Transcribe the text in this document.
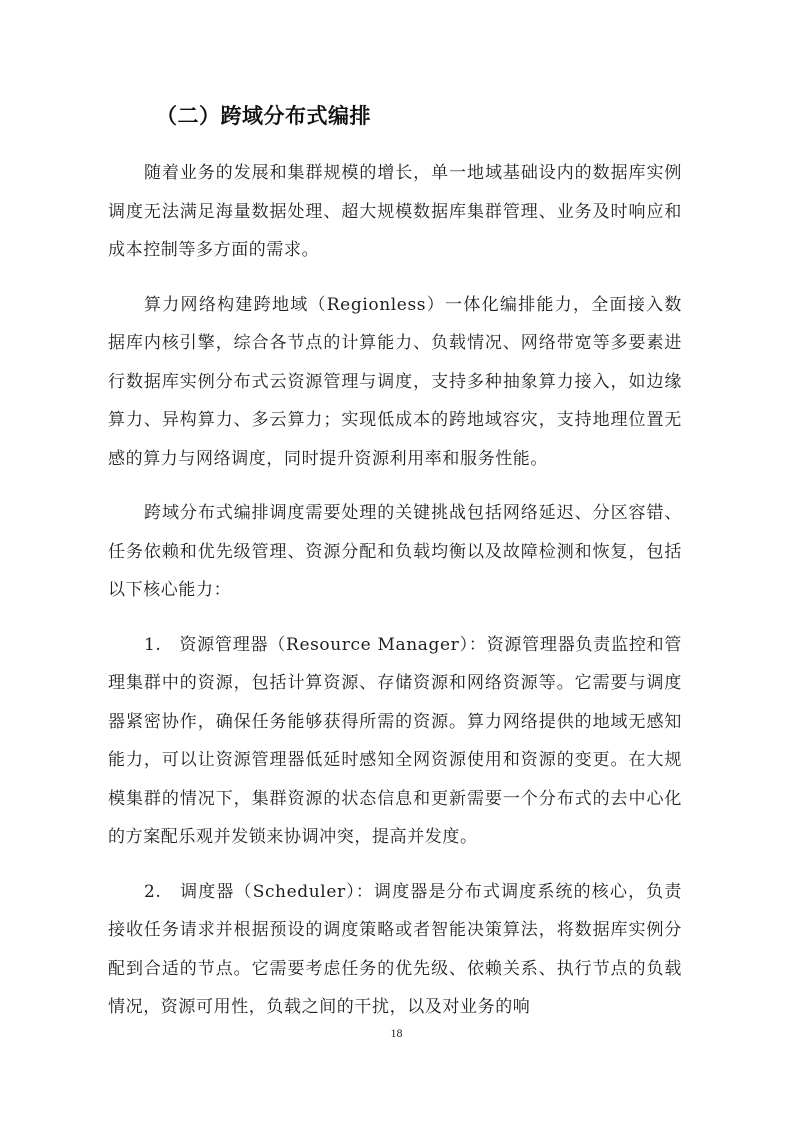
（二）跨域分布式编排

随着业务的发展和集群规模的增长，单一地域基础设内的数据库实例调度无法满足海量数据处理、超大规模数据库集群管理、业务及时响应和成本控制等多方面的需求。

算力网络构建跨地域（Regionless）一体化编排能力，全面接入数据库内核引擎，综合各节点的计算能力、负载情况、网络带宽等多要素进行数据库实例分布式云资源管理与调度，支持多种抽象算力接入，如边缘算力、异构算力、多云算力；实现低成本的跨地域容灾，支持地理位置无感的算力与网络调度，同时提升资源利用率和服务性能。

跨域分布式编排调度需要处理的关键挑战包括网络延迟、分区容错、任务依赖和优先级管理、资源分配和负载均衡以及故障检测和恢复，包括以下核心能力：

1.　资源管理器（Resource Manager）：资源管理器负责监控和管理集群中的资源，包括计算资源、存储资源和网络资源等。它需要与调度器紧密协作，确保任务能够获得所需的资源。算力网络提供的地域无感知能力，可以让资源管理器低延时感知全网资源使用和资源的变更。在大规模集群的情况下，集群资源的状态信息和更新需要一个分布式的去中心化的方案配乐观并发锁来协调冲突，提高并发度。

2.　调度器（Scheduler）：调度器是分布式调度系统的核心，负责接收任务请求并根据预设的调度策略或者智能决策算法，将数据库实例分配到合适的节点。它需要考虑任务的优先级、依赖关系、执行节点的负载情况，资源可用性，负载之间的干扰，以及对业务的响

18
